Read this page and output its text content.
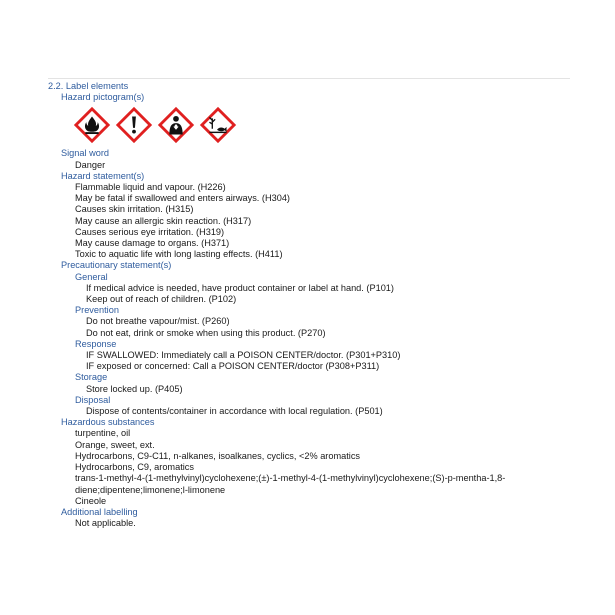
2.2. Label elements
Hazard pictogram(s)
Signal word
Danger
Hazard statement(s)
Flammable liquid and vapour. (H226)
May be fatal if swallowed and enters airways. (H304)
Causes skin irritation. (H315)
May cause an allergic skin reaction. (H317)
Causes serious eye irritation. (H319)
May cause damage to organs. (H371)
Toxic to aquatic life with long lasting effects. (H411)
Precautionary statement(s)
General
If medical advice is needed, have product container or label at hand. (P101)
Keep out of reach of children. (P102)
Prevention
Do not breathe vapour/mist. (P260)
Do not eat, drink or smoke when using this product. (P270)
Response
IF SWALLOWED: Immediately call a POISON CENTER/doctor. (P301+P310)
IF exposed or concerned: Call a POISON CENTER/doctor (P308+P311)
Storage
Store locked up. (P405)
Disposal
Dispose of contents/container in accordance with local regulation. (P501)
Hazardous substances
turpentine, oil
Orange, sweet, ext.
Hydrocarbons, C9-C11, n-alkanes, isoalkanes, cyclics, <2% aromatics
Hydrocarbons, C9, aromatics
trans-1-methyl-4-(1-methylvinyl)cyclohexene;(±)-1-methyl-4-(1-methylvinyl)cyclohexene;(S)-p-mentha-1,8-diene;dipentene;limonene;l-limonene
Cineole
Additional labelling
Not applicable.
